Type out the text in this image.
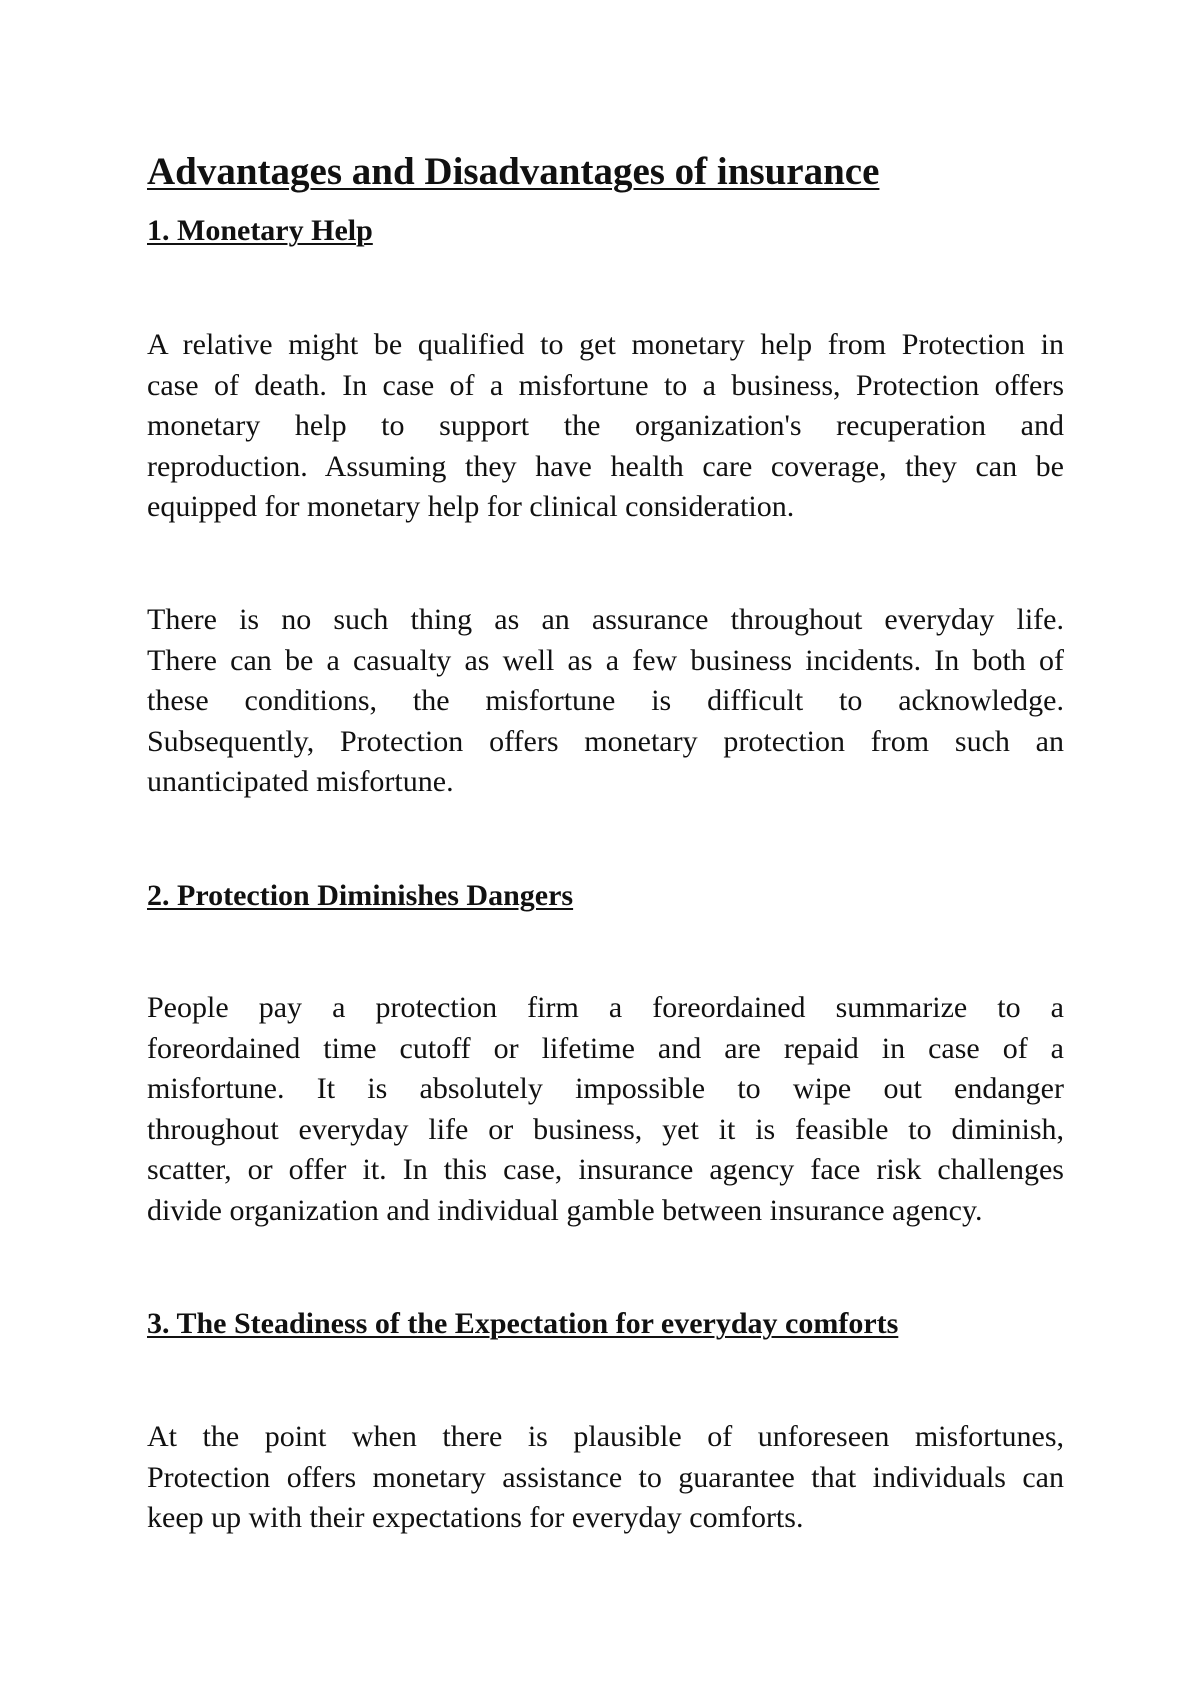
Advantages and Disadvantages of insurance
1. Monetary Help

A relative might be qualified to get monetary help from Protection in
case of death. In case of a misfortune to a business, Protection offers
monetary help to support the organization's recuperation and
reproduction. Assuming they have health care coverage, they can be
equipped for monetary help for clinical consideration.

There is no such thing as an assurance throughout everyday life.
There can be a casualty as well as a few business incidents. In both of
these conditions, the misfortune is difficult to acknowledge.
Subsequently, Protection offers monetary protection from such an
unanticipated misfortune.

2. Protection Diminishes Dangers

People pay a protection firm a foreordained summarize to a
foreordained time cutoff or lifetime and are repaid in case of a
misfortune. It is absolutely impossible to wipe out endanger
throughout everyday life or business, yet it is feasible to diminish,
scatter, or offer it. In this case, insurance agency face risk challenges
divide organization and individual gamble between insurance agency.

3. The Steadiness of the Expectation for everyday comforts

At the point when there is plausible of unforeseen misfortunes,
Protection offers monetary assistance to guarantee that individuals can
keep up with their expectations for everyday comforts.
